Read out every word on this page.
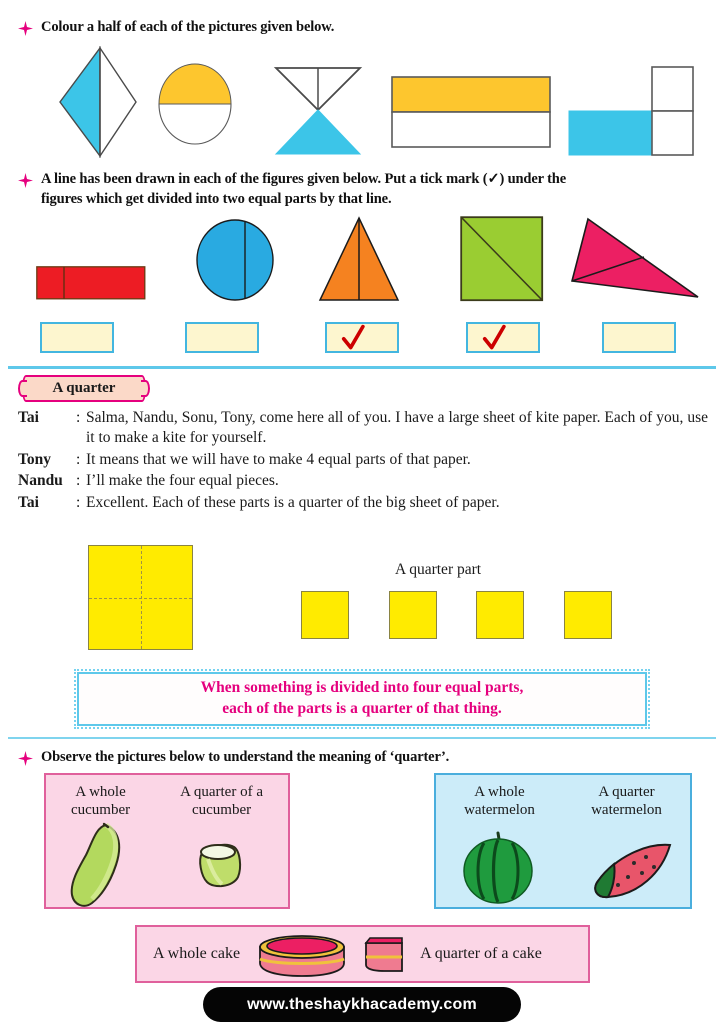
Colour a half of each of the pictures given below.
A line has been drawn in each of the figures given below. Put a tick mark (✓) under the
figures which get divided into two equal parts by that line.
A quarter
Tai	: Salma, Nandu, Sonu, Tony, come here all of you. I have a large sheet of kite paper. Each of you, use it to make a kite for yourself.
Tony	: It means that we will have to make 4 equal parts of that paper.
Nandu : I’ll make the four equal pieces.
Tai	: Excellent. Each of these parts is a quarter of the big sheet of paper.
A quarter part
When something is divided into four equal parts,
each of the parts is a quarter of that thing.
Observe the pictures below to understand the meaning of ‘quarter’.
A whole
cucumber
A quarter of a
cucumber
A whole
watermelon
A quarter
watermelon
A whole cake	A quarter of a cake
www.theshaykhacademy.com
